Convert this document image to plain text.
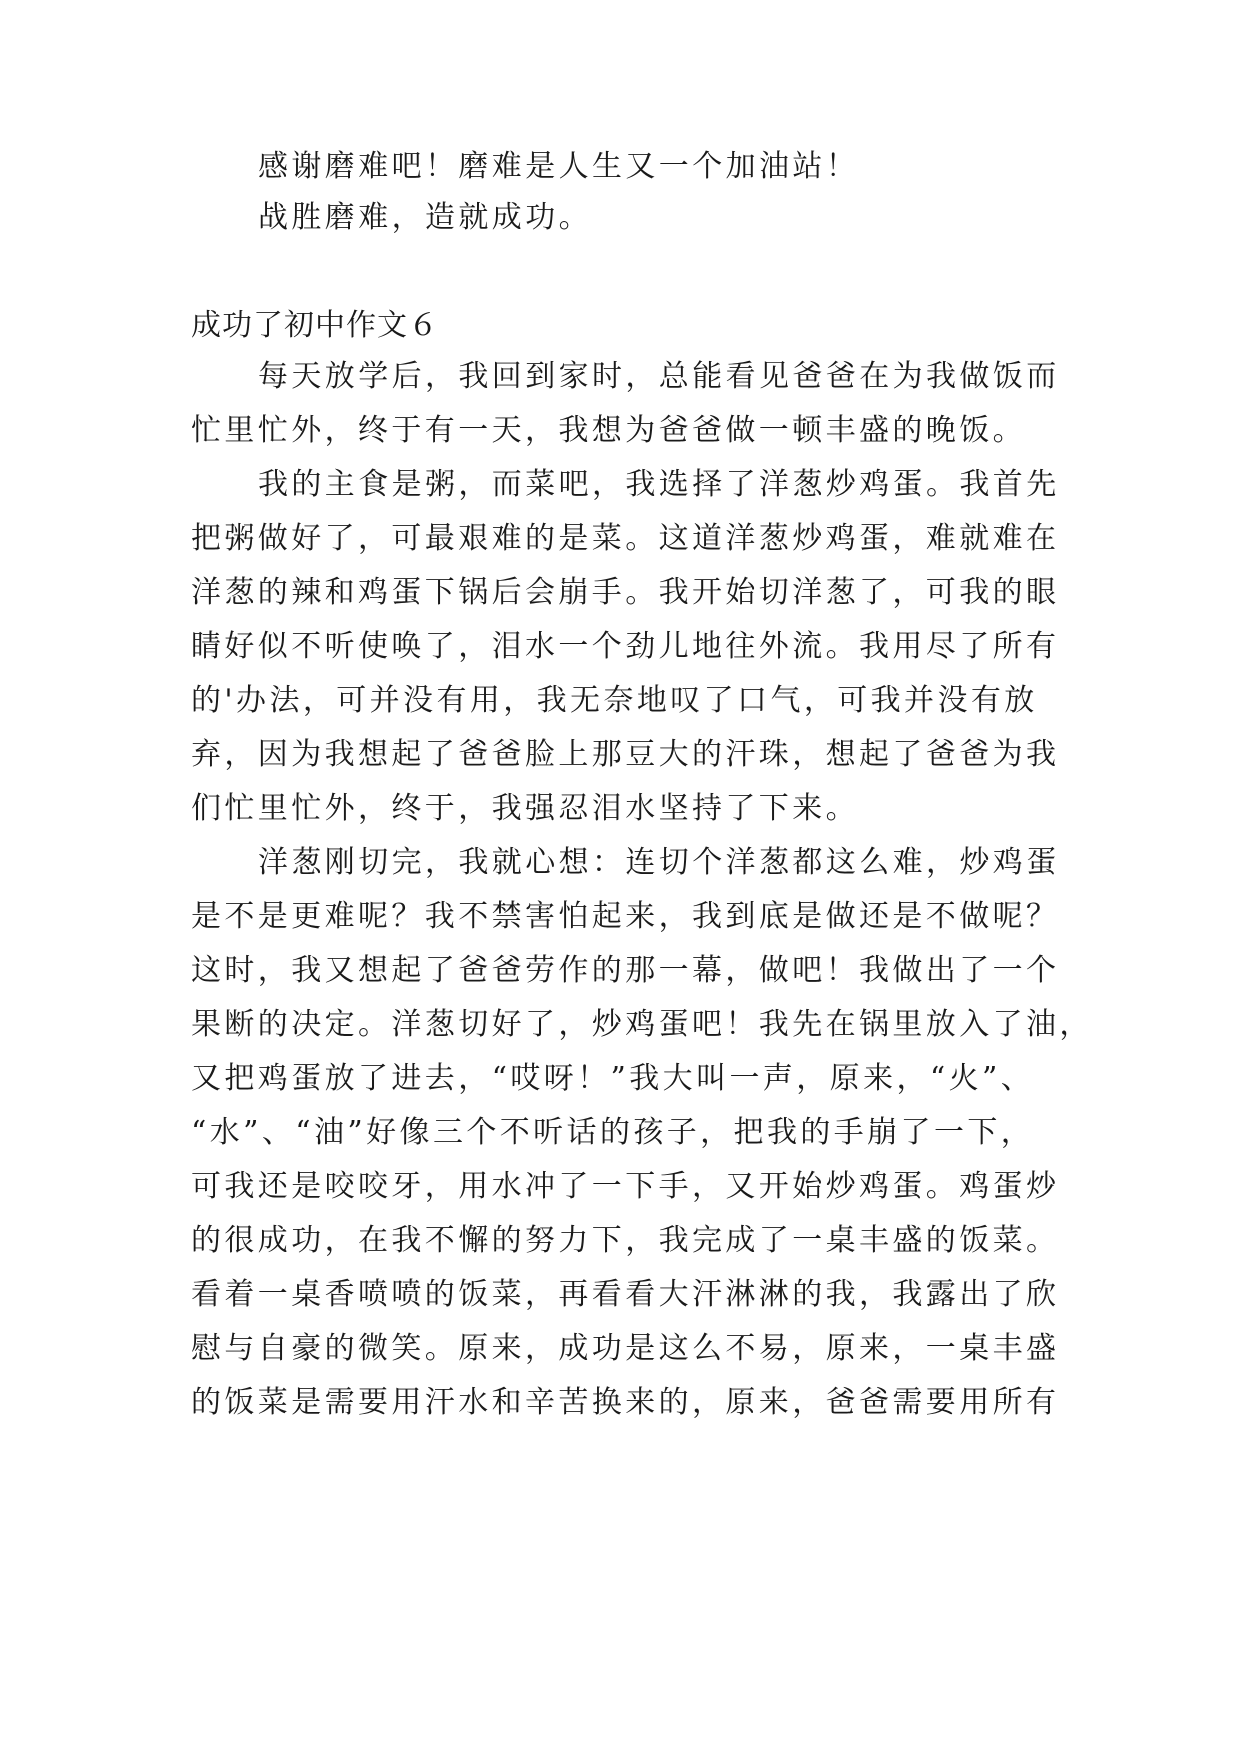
感谢磨难吧！磨难是人生又一个加油站！
战胜磨难，造就成功。
成功了初中作文６
每天放学后，我回到家时，总能看见爸爸在为我做饭而
忙里忙外，终于有一天，我想为爸爸做一顿丰盛的晚饭。
我的主食是粥，而菜吧，我选择了洋葱炒鸡蛋。我首先
把粥做好了，可最艰难的是菜。这道洋葱炒鸡蛋，难就难在
洋葱的辣和鸡蛋下锅后会崩手。我开始切洋葱了，可我的眼
睛好似不听使唤了，泪水一个劲儿地往外流。我用尽了所有
的'办法，可并没有用，我无奈地叹了口气，可我并没有放
弃，因为我想起了爸爸脸上那豆大的汗珠，想起了爸爸为我
们忙里忙外，终于，我强忍泪水坚持了下来。
洋葱刚切完，我就心想：连切个洋葱都这么难，炒鸡蛋
是不是更难呢？我不禁害怕起来，我到底是做还是不做呢？
这时，我又想起了爸爸劳作的那一幕，做吧！我做出了一个
果断的决定。洋葱切好了，炒鸡蛋吧！我先在锅里放入了油，
又把鸡蛋放了进去，“哎呀！”我大叫一声，原来，“火”、
“水”、“油”好像三个不听话的孩子，把我的手崩了一下，
可我还是咬咬牙，用水冲了一下手，又开始炒鸡蛋。鸡蛋炒
的很成功，在我不懈的努力下，我完成了一桌丰盛的饭菜。
看着一桌香喷喷的饭菜，再看看大汗淋淋的我，我露出了欣
慰与自豪的微笑。原来，成功是这么不易，原来，一桌丰盛
的饭菜是需要用汗水和辛苦换来的，原来，爸爸需要用所有
